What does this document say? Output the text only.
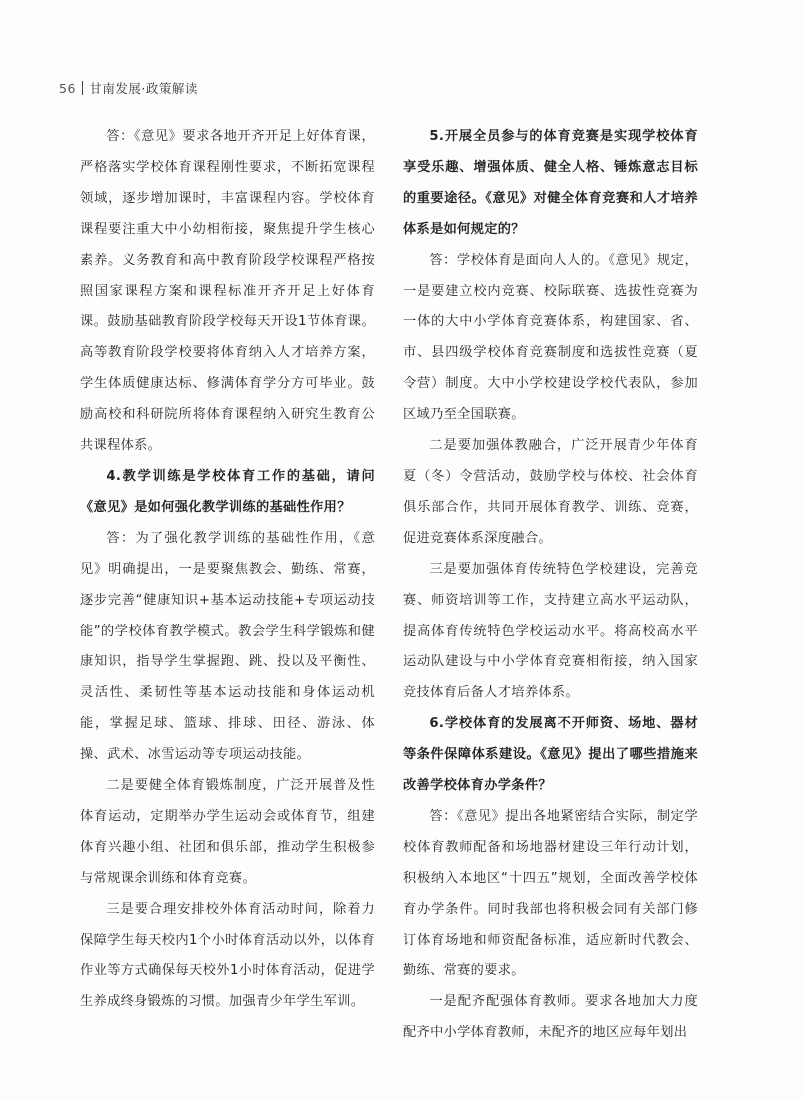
56 甘南发展·政策解读

答：《意见》要求各地开齐开足上好体育课，严格落实学校体育课程刚性要求，不断拓宽课程领域，逐步增加课时，丰富课程内容。学校体育课程要注重大中小幼相衔接，聚焦提升学生核心素养。义务教育和高中教育阶段学校课程严格按照国家课程方案和课程标准开齐开足上好体育课。鼓励基础教育阶段学校每天开设1节体育课。高等教育阶段学校要将体育纳入人才培养方案，学生体质健康达标、修满体育学分方可毕业。鼓励高校和科研院所将体育课程纳入研究生教育公共课程体系。

4.教学训练是学校体育工作的基础，请问《意见》是如何强化教学训练的基础性作用？

答：为了强化教学训练的基础性作用，《意见》明确提出，一是要聚焦教会、勤练、常赛，逐步完善“健康知识+基本运动技能+专项运动技能”的学校体育教学模式。教会学生科学锻炼和健康知识，指导学生掌握跑、跳、投以及平衡性、灵活性、柔韧性等基本运动技能和身体运动机能，掌握足球、篮球、排球、田径、游泳、体操、武术、冰雪运动等专项运动技能。

二是要健全体育锻炼制度，广泛开展普及性体育运动，定期举办学生运动会或体育节，组建体育兴趣小组、社团和俱乐部，推动学生积极参与常规课余训练和体育竞赛。

三是要合理安排校外体育活动时间，除着力保障学生每天校内1个小时体育活动以外，以体育作业等方式确保每天校外1小时体育活动，促进学生养成终身锻炼的习惯。加强青少年学生军训。

5.开展全员参与的体育竞赛是实现学校体育享受乐趣、增强体质、健全人格、锤炼意志目标的重要途径。《意见》对健全体育竞赛和人才培养体系是如何规定的？

答：学校体育是面向人人的。《意见》规定，一是要建立校内竞赛、校际联赛、选拔性竞赛为一体的大中小学体育竞赛体系，构建国家、省、市、县四级学校体育竞赛制度和选拔性竞赛（夏令营）制度。大中小学校建设学校代表队，参加区域乃至全国联赛。

二是要加强体教融合，广泛开展青少年体育夏（冬）令营活动，鼓励学校与体校、社会体育俱乐部合作，共同开展体育教学、训练、竞赛，促进竞赛体系深度融合。

三是要加强体育传统特色学校建设，完善竞赛、师资培训等工作，支持建立高水平运动队，提高体育传统特色学校运动水平。将高校高水平运动队建设与中小学体育竞赛相衔接，纳入国家竞技体育后备人才培养体系。

6.学校体育的发展离不开师资、场地、器材等条件保障体系建设。《意见》提出了哪些措施来改善学校体育办学条件？

答：《意见》提出各地紧密结合实际，制定学校体育教师配备和场地器材建设三年行动计划，积极纳入本地区“十四五”规划，全面改善学校体育办学条件。同时我部也将积极会同有关部门修订体育场地和师资配备标准，适应新时代教会、勤练、常赛的要求。

一是配齐配强体育教师。要求各地加大力度配齐中小学体育教师，未配齐的地区应每年划出
